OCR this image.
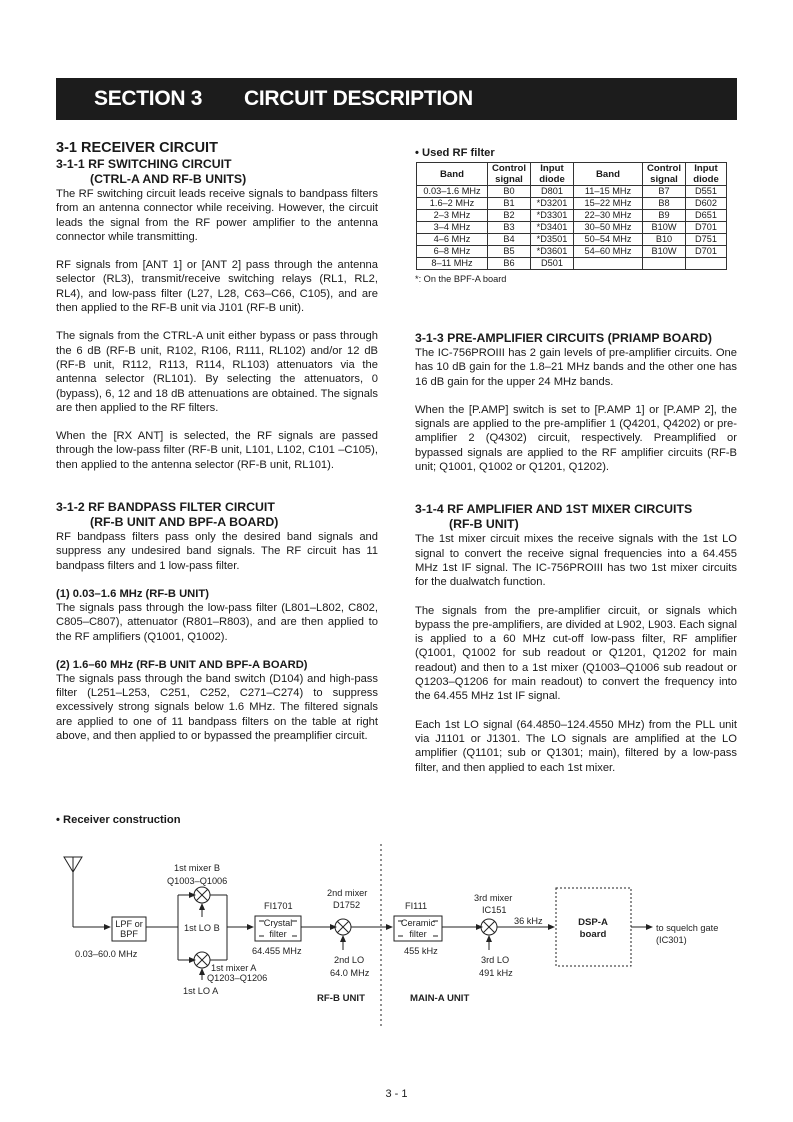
SECTION 3 CIRCUIT DESCRIPTION
3-1 RECEIVER CIRCUIT
3-1-1 RF SWITCHING CIRCUIT
(CTRL-A AND RF-B UNITS)

The RF switching circuit leads receive signals to bandpass filters from an antenna connector while receiving. However, the circuit leads the signal from the RF power amplifier to the antenna connector while transmitting.

RF signals from [ANT 1] or [ANT 2] pass through the antenna selector (RL3), transmit/receive switching relays (RL1, RL2, RL4), and low-pass filter (L27, L28, C63–C66, C105), and are then applied to the RF-B unit via J101 (RF-B unit).

The signals from the CTRL-A unit either bypass or pass through the 6 dB (RF-B unit, R102, R106, R111, RL102) and/or 12 dB (RF-B unit, R112, R113, R114, RL103) attenuators via the antenna selector (RL101). By selecting the attenuators, 0 (bypass), 6, 12 and 18 dB attenuations are obtained. The signals are then applied to the RF filters.

When the [RX ANT] is selected, the RF signals are passed through the low-pass filter (RF-B unit, L101, L102, C101 –C105), then applied to the antenna selector (RF-B unit, RL101).

3-1-2 RF BANDPASS FILTER CIRCUIT
(RF-B UNIT AND BPF-A BOARD)

RF bandpass filters pass only the desired band signals and suppress any undesired band signals. The RF circuit has 11 bandpass filters and 1 low-pass filter.

(1) 0.03–1.6 MHz (RF-B UNIT)

The signals pass through the low-pass filter (L801–L802, C802, C805–C807), attenuator (R801–R803), and are then applied to the RF amplifiers (Q1001, Q1002).

(2) 1.6–60 MHz (RF-B UNIT AND BPF-A BOARD)

The signals pass through the band switch (D104) and high-pass filter (L251–L253, C251, C252, C271–C274) to suppress excessively strong signals below 1.6 MHz. The filtered signals are applied to one of 11 bandpass filters on the table at right above, and then applied to or bypassed the preamplifier circuit.

• Used RF filter
Band	Control signal	Input diode	Band	Control signal	Input diode
0.03–1.6 MHz	B0	D801	11–15 MHz	B7	D551
1.6–2 MHz	B1	*D3201	15–22 MHz	B8	D602
2–3 MHz	B2	*D3301	22–30 MHz	B9	D651
3–4 MHz	B3	*D3401	30–50 MHz	B10W	D701
4–6 MHz	B4	*D3501	50–54 MHz	B10	D751
6–8 MHz	B5	*D3601	54–60 MHz	B10W	D701
8–11 MHz	B6	D501			
*: On the BPF-A board
3-1-3 PRE-AMPLIFIER CIRCUITS (PRIAMP BOARD)

The IC-756PROIII has 2 gain levels of pre-amplifier circuits. One has 10 dB gain for the 1.8–21 MHz bands and the other one has 16 dB gain for the upper 24 MHz bands.

When the [P.AMP] switch is set to [P.AMP 1] or [P.AMP 2], the signals are applied to the pre-amplifier 1 (Q4201, Q4202) or pre-amplifier 2 (Q4302) circuit, respectively. Preamplified or bypassed signals are applied to the RF amplifier circuits (RF-B unit; Q1001, Q1002 or Q1201, Q1202).

3-1-4 RF AMPLIFIER AND 1ST MIXER CIRCUITS
(RF-B UNIT)

The 1st mixer circuit mixes the receive signals with the 1st LO signal to convert the receive signal frequencies into a 64.455 MHz 1st IF signal. The IC-756PROIII has two 1st mixer circuits for the dualwatch function.

The signals from the pre-amplifier circuit, or signals which bypass the pre-amplifiers, are divided at L902, L903. Each signal is applied to a 60 MHz cut-off low-pass filter, RF amplifier (Q1001, Q1002 for sub readout or Q1201, Q1202 for main readout) and then to a 1st mixer (Q1003–Q1006 sub readout or Q1203–Q1206 for main readout) to convert the frequency into the 64.455 MHz 1st IF signal.

Each 1st LO signal (64.4850–124.4550 MHz) from the PLL unit via J1101 or J1301. The LO signals are amplified at the LO amplifier (Q1101; sub or Q1301; main), filtered by a low-pass filter, and then applied to each 1st mixer.

• Receiver construction
LPF or
BPF
0.03–60.0 MHz
1st mixer B
Q1003–Q1006
1st LO B
1st mixer A
Q1203–Q1206
1st LO A
FI1701
Crystal
filter
64.455 MHz
2nd mixer
D1752
2nd LO
64.0 MHz
FI111
Ceramic
filter
455 kHz
3rd mixer
IC151
36 kHz
3rd LO
491 kHz
to squelch gate
(IC301)
DSP-A
board
RF-B UNIT	MAIN-A UNIT
3 - 1
